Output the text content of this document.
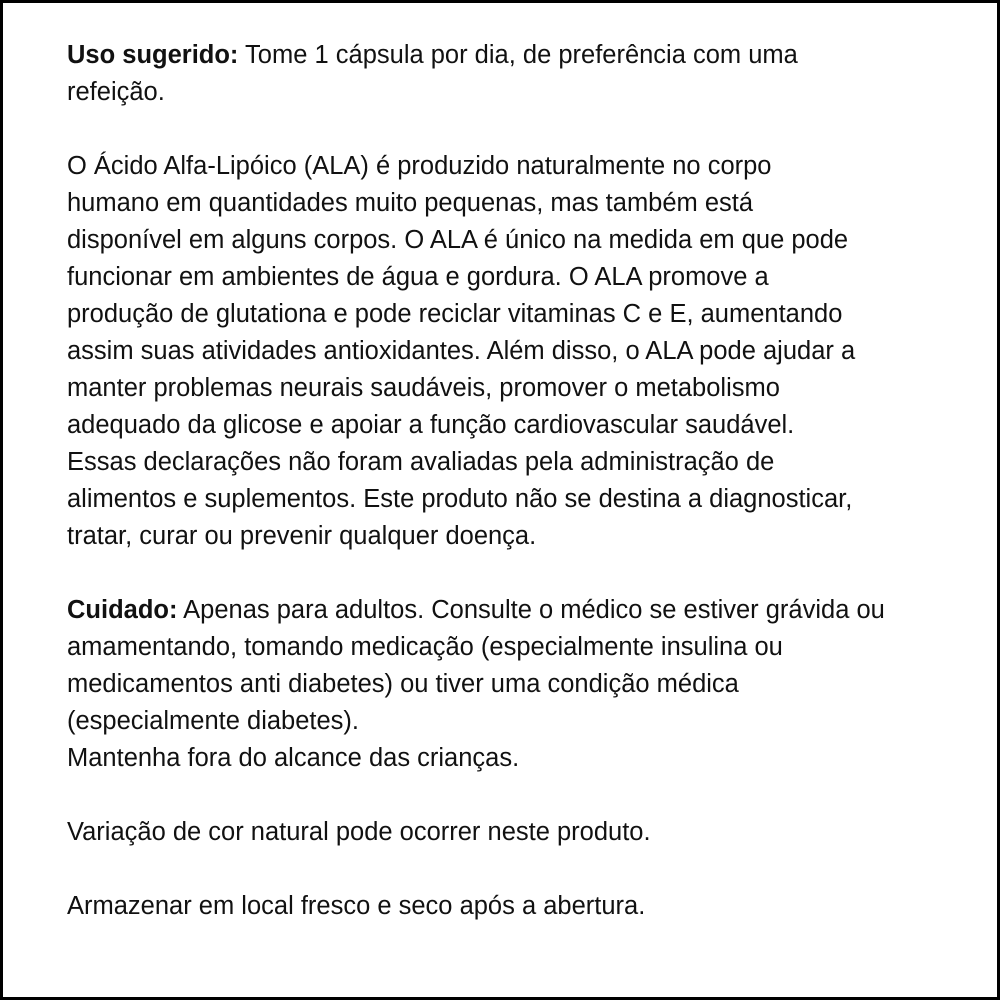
Uso sugerido: Tome 1 cápsula por dia, de preferência com uma
refeição.
O Ácido Alfa-Lipóico (ALA) é produzido naturalmente no corpo
humano em quantidades muito pequenas, mas também está
disponível em alguns corpos. O ALA é único na medida em que pode
funcionar em ambientes de água e gordura. O ALA promove a
produção de glutationa e pode reciclar vitaminas C e E, aumentando
assim suas atividades antioxidantes. Além disso, o ALA pode ajudar a
manter problemas neurais saudáveis, promover o metabolismo
adequado da glicose e apoiar a função cardiovascular saudável.
Essas declarações não foram avaliadas pela administração de
alimentos e suplementos. Este produto não se destina a diagnosticar,
tratar, curar ou prevenir qualquer doença.
Cuidado: Apenas para adultos. Consulte o médico se estiver grávida ou
amamentando, tomando medicação (especialmente insulina ou
medicamentos anti diabetes) ou tiver uma condição médica
(especialmente diabetes).
Mantenha fora do alcance das crianças.
Variação de cor natural pode ocorrer neste produto.
Armazenar em local fresco e seco após a abertura.
